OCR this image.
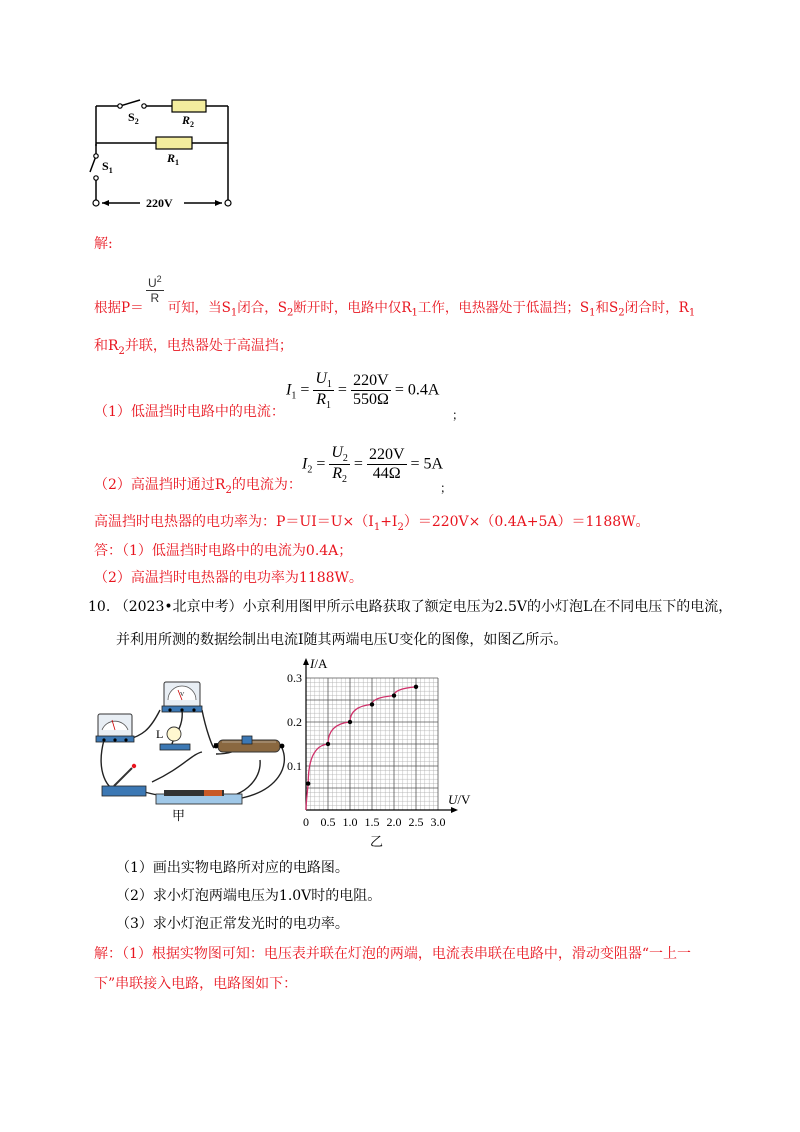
$S_2$	$R_2$
$R_1$
$S_1$
220V
解:
$U^2$
R
根据P＝ 可知，当$S_1$闭合，$S_2$断开时，电路中仅$R_1$工作，电热器处于低温挡；$S_1$和$S_2$闭合时，$R_1$
和$R_2$并联，电热器处于高温挡；
$I_1 = \frac{U_1}{R_1} = \frac{220V}{550\Omega} = 0.4A$
（1）低温挡时电路中的电流：	；
$I_2 = \frac{U_2}{R_2} = \frac{220V}{44\Omega} = 5A$
（2）高温挡时通过$R_2$的电流为：	；
高温挡时电热器的电功率为：$P=UI=U\times(I_1+I_2)=220V\times(0.4A+5A)=1188W$。
答：（1）低温挡时电路中的电流为0.4A；
（2）高温挡时电热器的电功率为1188W。
10. （2023•北京中考）小京利用图甲所示电路获取了额定电压为2.5V的小灯泡L在不同电压下的电流，
并利用所测的数据绘制出电流I随其两端电压U变化的图像，如图乙所示。
V
L
甲	0 0.5 1.0 1.5 2.0 2.5 3.0
0.1
0.2
0.3
I/A
U/V
乙
（1）画出实物电路所对应的电路图。
（2）求小灯泡两端电压为1.0V时的电阻。
（3）求小灯泡正常发光时的电功率。
解：（1）根据实物图可知：电压表并联在灯泡的两端，电流表串联在电路中，滑动变阻器“一上一
下”串联接入电路，电路图如下：
